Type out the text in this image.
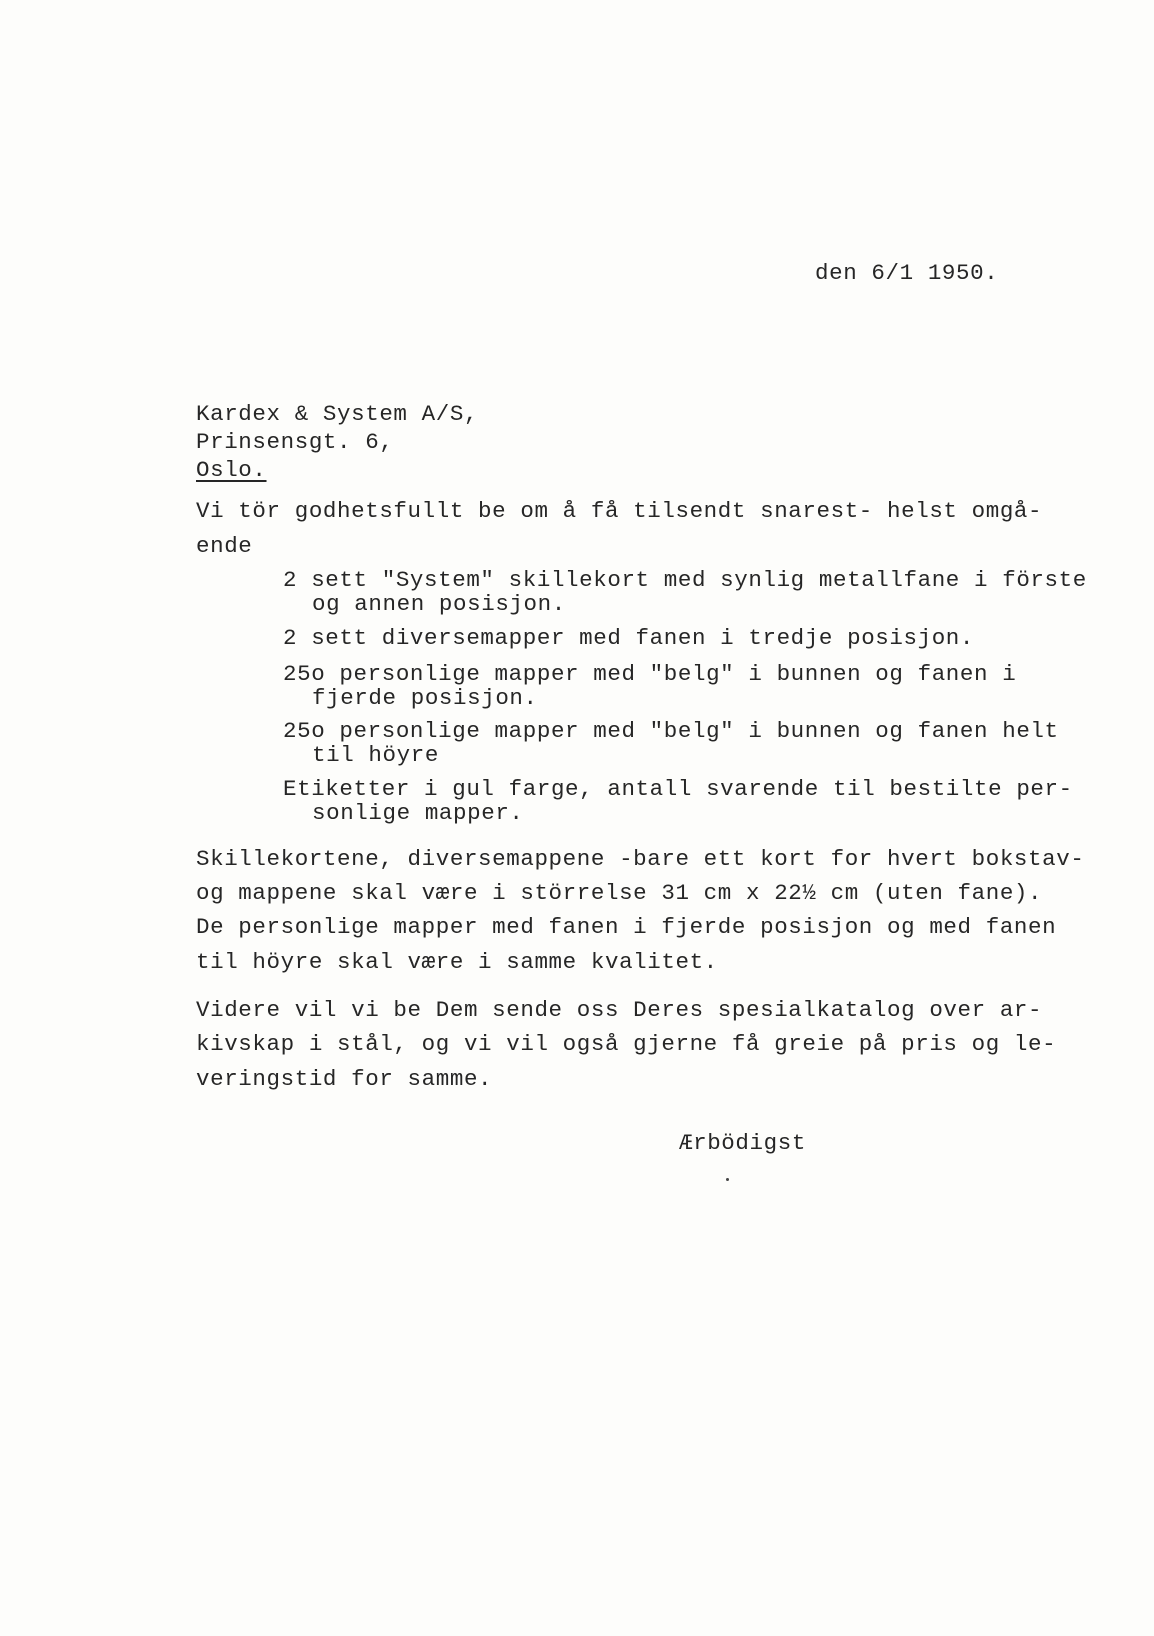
den 6/1 1950.
Kardex & System A/S,
Prinsensgt. 6,
Oslo.
Vi tör godhetsfullt be om å få tilsendt snarest- helst omgå-
ende
2 sett "System" skillekort med synlig metallfane i förste
og annen posisjon.
2 sett diversemapper med fanen i tredje posisjon.
25o personlige mapper med "belg" i bunnen og fanen i
fjerde posisjon.
25o personlige mapper med "belg" i bunnen og fanen helt
til höyre
Etiketter i gul farge, antall svarende til bestilte per-
sonlige mapper.
Skillekortene, diversemappene -bare ett kort for hvert bokstav-
og mappene skal være i störrelse 31 cm x 22½ cm (uten fane).
De personlige mapper med fanen i fjerde posisjon og med fanen
til höyre skal være i samme kvalitet.
Videre vil vi be Dem sende oss Deres spesialkatalog over ar-
kivskap i stål, og vi vil også gjerne få greie på pris og le-
veringstid for samme.
Ærbödigst
